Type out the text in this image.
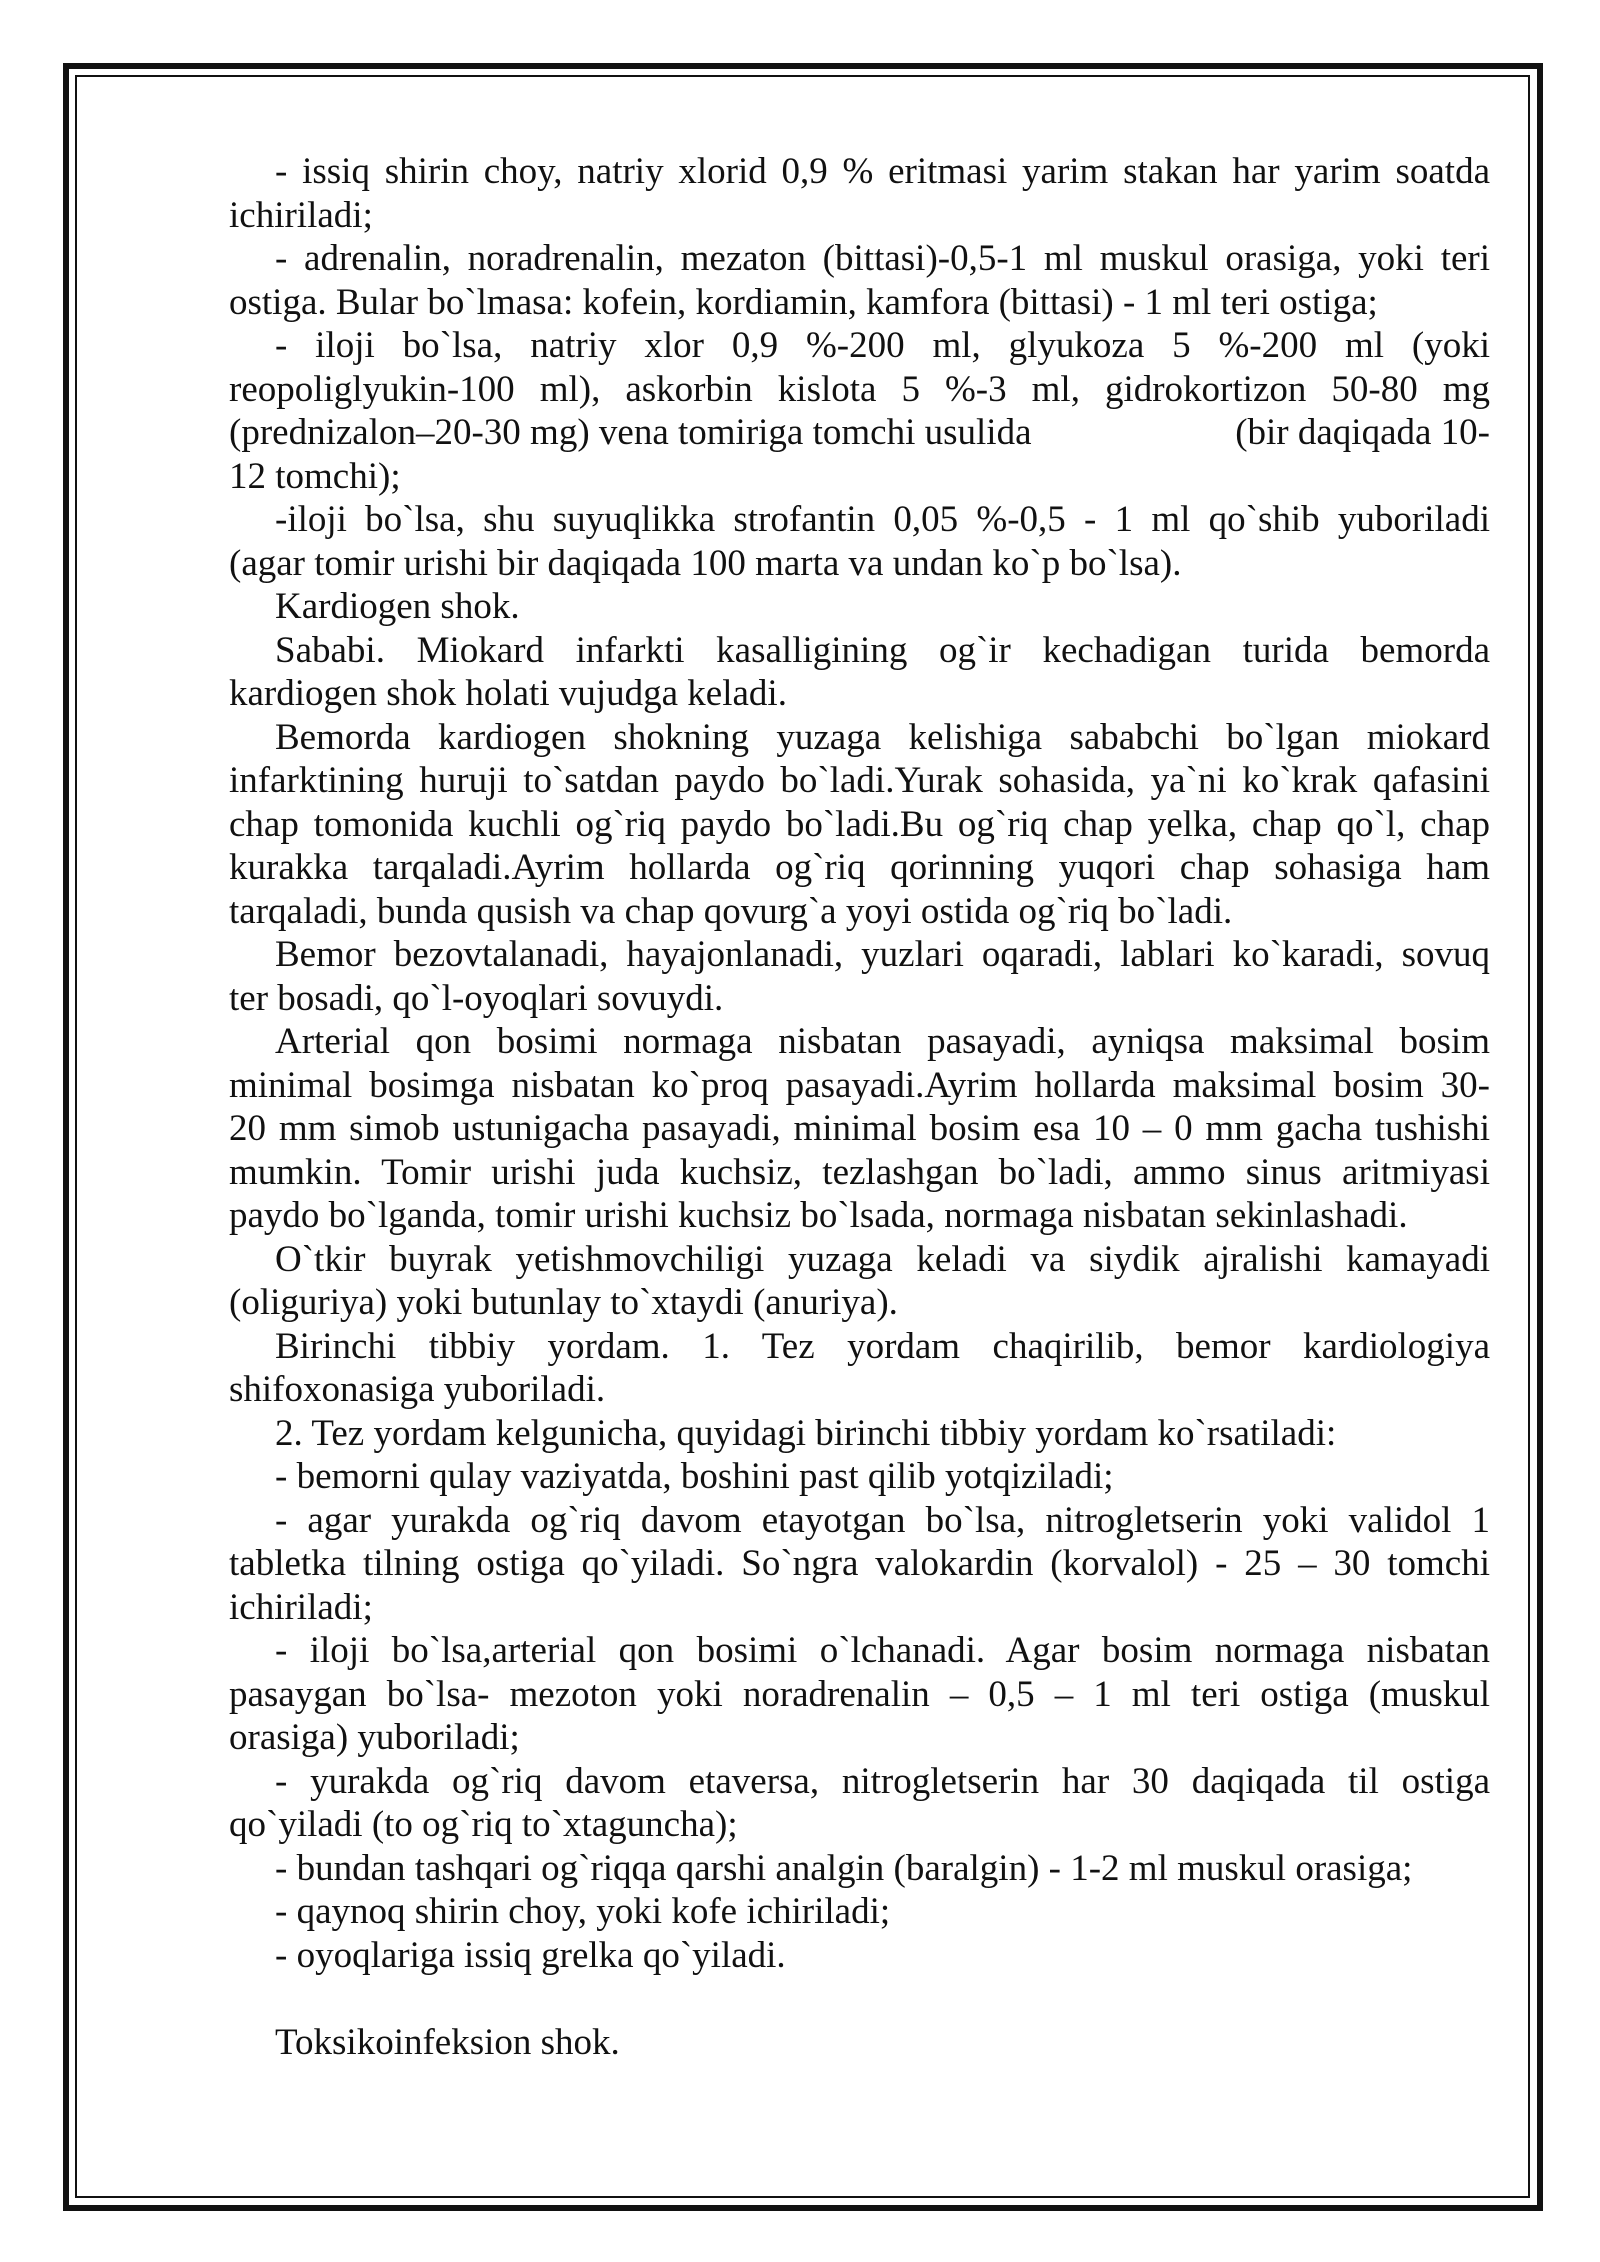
- issiq shirin choy, natriy xlorid 0,9 % eritmasi yarim stakan har yarim soatda
ichiriladi;
- adrenalin, noradrenalin, mezaton (bittasi)-0,5-1 ml muskul orasiga, yoki teri
ostiga. Bular bo`lmasa: kofein, kordiamin, kamfora (bittasi) - 1 ml teri ostiga;
- iloji bo`lsa, natriy xlor 0,9 %-200 ml, glyukoza 5 %-200 ml (yoki
reopoliglyukin-100 ml), askorbin kislota 5 %-3 ml, gidrokortizon 50-80 mg
(prednizalon–20-30 mg) vena tomiriga tomchi usulida	(bir daqiqada 10-
12 tomchi);
-iloji bo`lsa, shu suyuqlikka strofantin 0,05 %-0,5 - 1 ml qo`shib yuboriladi
(agar tomir urishi bir daqiqada 100 marta va undan ko`p bo`lsa).
Kardiogen shok.
Sababi. Miokard infarkti kasalligining og`ir kechadigan turida bemorda
kardiogen shok holati vujudga keladi.
Bemorda kardiogen shokning yuzaga kelishiga sababchi bo`lgan miokard
infarktining huruji to`satdan paydo bo`ladi.Yurak sohasida, ya`ni ko`krak qafasini
chap tomonida kuchli og`riq paydo bo`ladi.Bu og`riq chap yelka, chap qo`l, chap
kurakka tarqaladi.Ayrim hollarda og`riq qorinning yuqori chap sohasiga ham
tarqaladi, bunda qusish va chap qovurg`a yoyi ostida og`riq bo`ladi.
Bemor bezovtalanadi, hayajonlanadi, yuzlari oqaradi, lablari ko`karadi, sovuq
ter bosadi, qo`l-oyoqlari sovuydi.
Arterial qon bosimi normaga nisbatan pasayadi, ayniqsa maksimal bosim
minimal bosimga nisbatan ko`proq pasayadi.Ayrim hollarda maksimal bosim 30-
20 mm simob ustunigacha pasayadi, minimal bosim esa 10 – 0 mm gacha tushishi
mumkin. Tomir urishi juda kuchsiz, tezlashgan bo`ladi, ammo sinus aritmiyasi
paydo bo`lganda, tomir urishi kuchsiz bo`lsada, normaga nisbatan sekinlashadi.
O`tkir buyrak yetishmovchiligi yuzaga keladi va siydik ajralishi kamayadi
(oliguriya) yoki butunlay to`xtaydi (anuriya).
Birinchi tibbiy yordam. 1. Tez yordam chaqirilib, bemor kardiologiya
shifoxonasiga yuboriladi.
2. Tez yordam kelgunicha, quyidagi birinchi tibbiy yordam ko`rsatiladi:
- bemorni qulay vaziyatda, boshini past qilib yotqiziladi;
- agar yurakda og`riq davom etayotgan bo`lsa, nitrogletserin yoki validol 1
tabletka tilning ostiga qo`yiladi. So`ngra valokardin (korvalol) - 25 – 30 tomchi
ichiriladi;
- iloji bo`lsa,arterial qon bosimi o`lchanadi. Agar bosim normaga nisbatan
pasaygan bo`lsa- mezoton yoki noradrenalin – 0,5 – 1 ml teri ostiga (muskul
orasiga) yuboriladi;
- yurakda og`riq davom etaversa, nitrogletserin har 30 daqiqada til ostiga
qo`yiladi (to og`riq to`xtaguncha);
- bundan tashqari og`riqqa qarshi analgin (baralgin) - 1-2 ml muskul orasiga;
- qaynoq shirin choy, yoki kofe ichiriladi;
- oyoqlariga issiq grelka qo`yiladi.
Toksikoinfeksion shok.
